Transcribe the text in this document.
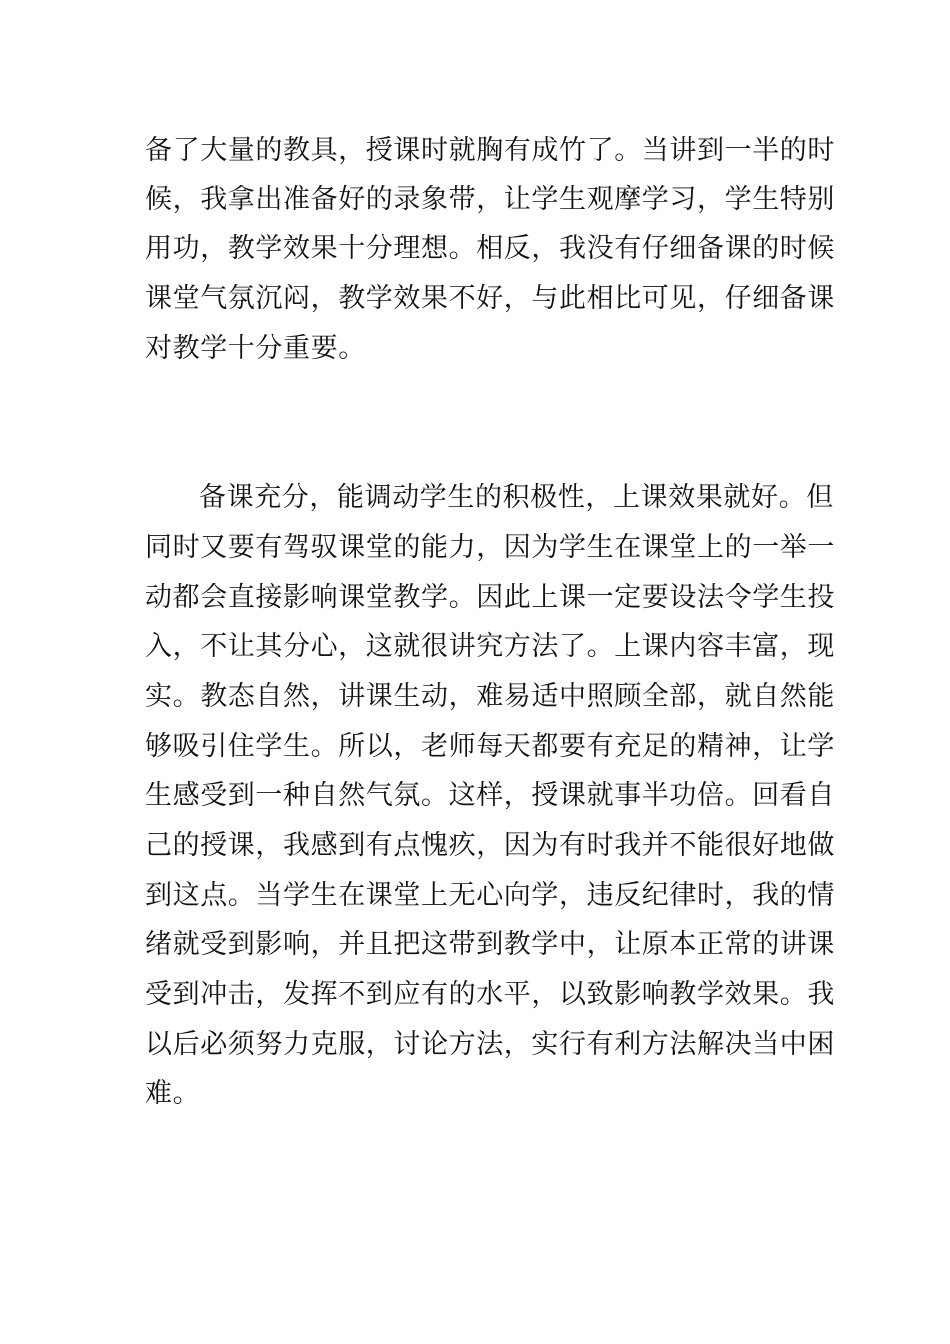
备了大量的教具，授课时就胸有成竹了。当讲到一半的时
候，我拿出准备好的录象带，让学生观摩学习，学生特别
用功，教学效果十分理想。相反，我没有仔细备课的时候
课堂气氛沉闷，教学效果不好，与此相比可见，仔细备课
对教学十分重要。
备课充分，能调动学生的积极性，上课效果就好。但
同时又要有驾驭课堂的能力，因为学生在课堂上的一举一
动都会直接影响课堂教学。因此上课一定要设法令学生投
入，不让其分心，这就很讲究方法了。上课内容丰富，现
实。教态自然，讲课生动，难易适中照顾全部，就自然能
够吸引住学生。所以，老师每天都要有充足的精神，让学
生感受到一种自然气氛。这样，授课就事半功倍。回看自
己的授课，我感到有点愧疚，因为有时我并不能很好地做
到这点。当学生在课堂上无心向学，违反纪律时，我的情
绪就受到影响，并且把这带到教学中，让原本正常的讲课
受到冲击，发挥不到应有的水平，以致影响教学效果。我
以后必须努力克服，讨论方法，实行有利方法解决当中困
难。
